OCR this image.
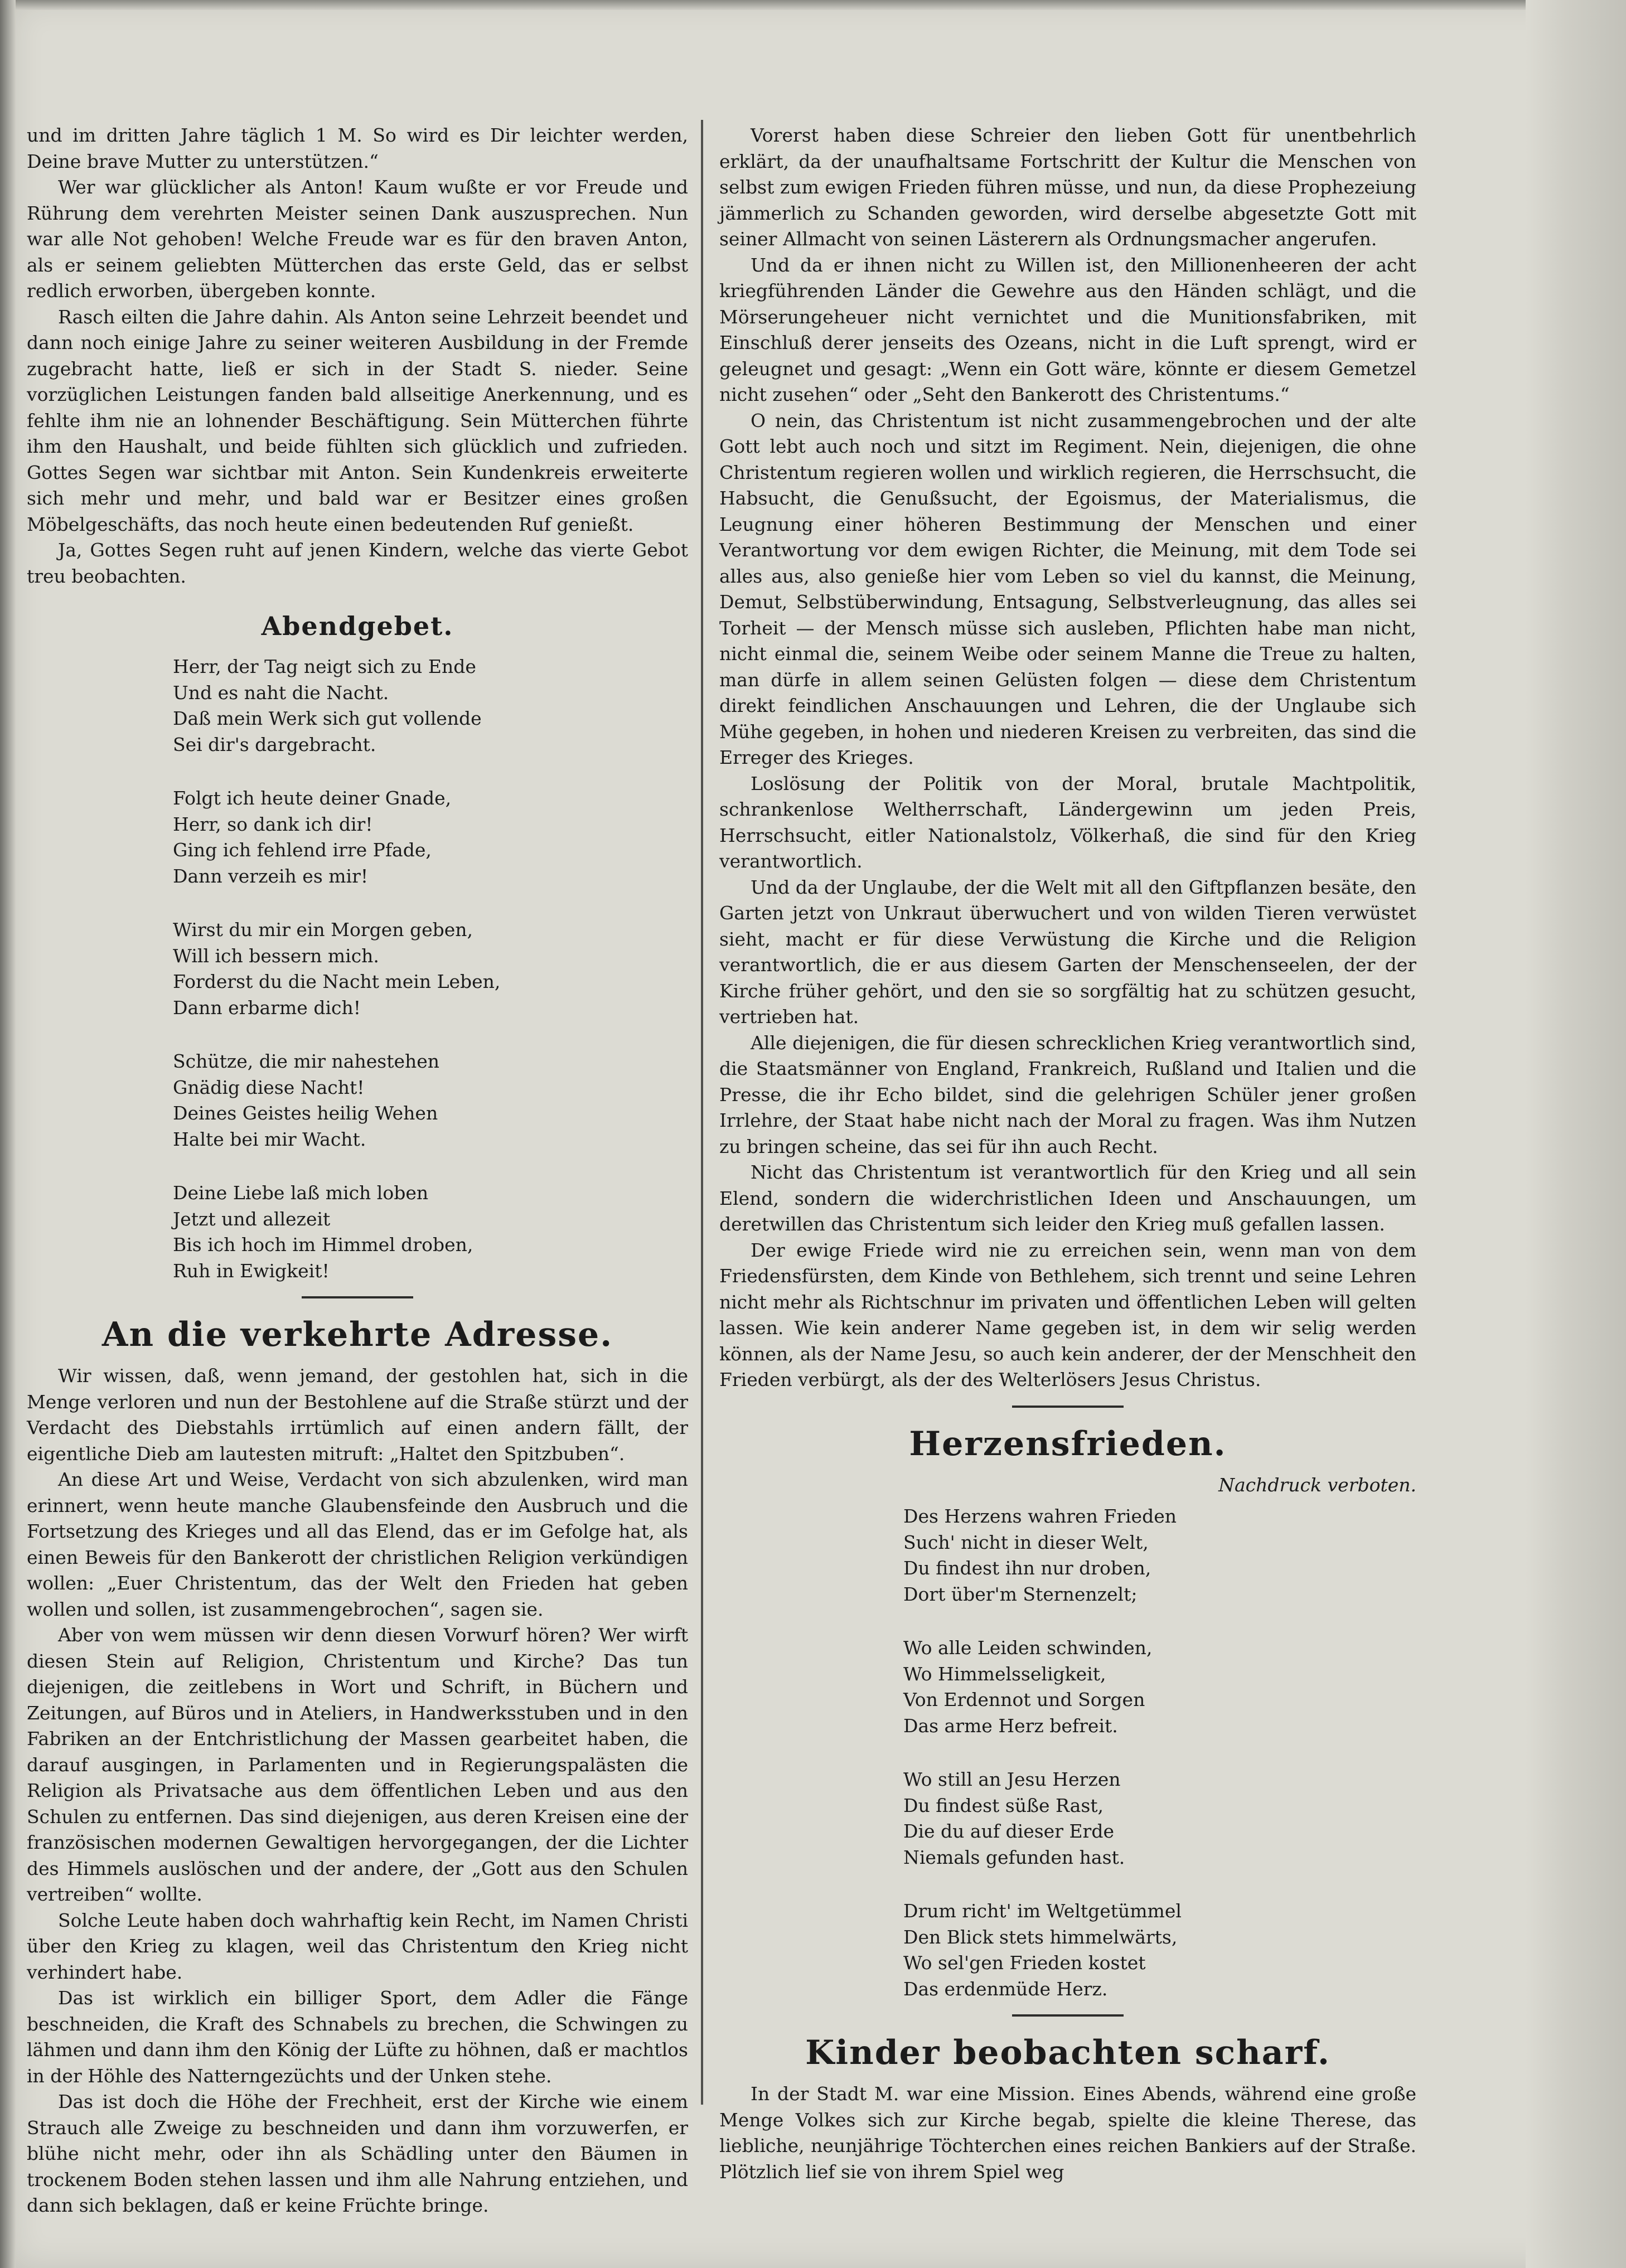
und im dritten Jahre täglich 1 M. So wird es Dir leichter werden, Deine brave Mutter zu unterstützen.“

Wer war glücklicher als Anton! Kaum wußte er vor Freude und Rührung dem verehrten Meister seinen Dank auszusprechen. Nun war alle Not gehoben! Welche Freude war es für den braven Anton, als er seinem geliebten Mütterchen das erste Geld, das er selbst redlich erworben, übergeben konnte.

Rasch eilten die Jahre dahin. Als Anton seine Lehrzeit beendet und dann noch einige Jahre zu seiner weiteren Ausbildung in der Fremde zugebracht hatte, ließ er sich in der Stadt S. nieder. Seine vorzüglichen Leistungen fanden bald allseitige Anerkennung, und es fehlte ihm nie an lohnender Beschäftigung. Sein Mütterchen führte ihm den Haushalt, und beide fühlten sich glücklich und zufrieden. Gottes Segen war sichtbar mit Anton. Sein Kundenkreis erweiterte sich mehr und mehr, und bald war er Besitzer eines großen Möbelgeschäfts, das noch heute einen bedeutenden Ruf genießt.

Ja, Gottes Segen ruht auf jenen Kindern, welche das vierte Gebot treu beobachten.

Abendgebet.
Herr, der Tag neigt sich zu Ende
Und es naht die Nacht.
Daß mein Werk sich gut vollende
Sei dir's dargebracht.
Folgt ich heute deiner Gnade,
Herr, so dank ich dir!
Ging ich fehlend irre Pfade,
Dann verzeih es mir!
Wirst du mir ein Morgen geben,
Will ich bessern mich.
Forderst du die Nacht mein Leben,
Dann erbarme dich!
Schütze, die mir nahestehen
Gnädig diese Nacht!
Deines Geistes heilig Wehen
Halte bei mir Wacht.
Deine Liebe laß mich loben
Jetzt und allezeit
Bis ich hoch im Himmel droben,
Ruh in Ewigkeit!
An die verkehrte Adresse.

Wir wissen, daß, wenn jemand, der gestohlen hat, sich in die Menge verloren und nun der Bestohlene auf die Straße stürzt und der Verdacht des Diebstahls irrtümlich auf einen andern fällt, der eigentliche Dieb am lautesten mitruft: „Haltet den Spitzbuben“.

An diese Art und Weise, Verdacht von sich abzulenken, wird man erinnert, wenn heute manche Glaubensfeinde den Ausbruch und die Fortsetzung des Krieges und all das Elend, das er im Gefolge hat, als einen Beweis für den Bankerott der christlichen Religion verkündigen wollen: „Euer Christentum, das der Welt den Frieden hat geben wollen und sollen, ist zusammengebrochen“, sagen sie.

Aber von wem müssen wir denn diesen Vorwurf hören? Wer wirft diesen Stein auf Religion, Christentum und Kirche? Das tun diejenigen, die zeitlebens in Wort und Schrift, in Büchern und Zeitungen, auf Büros und in Ateliers, in Handwerksstuben und in den Fabriken an der Entchristlichung der Massen gearbeitet haben, die darauf ausgingen, in Parlamenten und in Regierungspalästen die Religion als Privatsache aus dem öffentlichen Leben und aus den Schulen zu entfernen. Das sind diejenigen, aus deren Kreisen eine der französischen modernen Gewaltigen hervorgegangen, der die Lichter des Himmels auslöschen und der andere, der „Gott aus den Schulen vertreiben“ wollte.

Solche Leute haben doch wahrhaftig kein Recht, im Namen Christi über den Krieg zu klagen, weil das Christentum den Krieg nicht verhindert habe.

Das ist wirklich ein billiger Sport, dem Adler die Fänge beschneiden, die Kraft des Schnabels zu brechen, die Schwingen zu lähmen und dann ihm den König der Lüfte zu höhnen, daß er machtlos in der Höhle des Natterngezüchts und der Unken stehe.

Das ist doch die Höhe der Frechheit, erst der Kirche wie einem Strauch alle Zweige zu beschneiden und dann ihm vorzuwerfen, er blühe nicht mehr, oder ihn als Schädling unter den Bäumen in trockenem Boden stehen lassen und ihm alle Nahrung entziehen, und dann sich beklagen, daß er keine Früchte bringe.

Vorerst haben diese Schreier den lieben Gott für unentbehrlich erklärt, da der unaufhaltsame Fortschritt der Kultur die Menschen von selbst zum ewigen Frieden führen müsse, und nun, da diese Prophezeiung jämmerlich zu Schanden geworden, wird derselbe abgesetzte Gott mit seiner Allmacht von seinen Lästerern als Ordnungsmacher angerufen.

Und da er ihnen nicht zu Willen ist, den Millionenheeren der acht kriegführenden Länder die Gewehre aus den Händen schlägt, und die Mörserungeheuer nicht vernichtet und die Munitionsfabriken, mit Einschluß derer jenseits des Ozeans, nicht in die Luft sprengt, wird er geleugnet und gesagt: „Wenn ein Gott wäre, könnte er diesem Gemetzel nicht zusehen“ oder „Seht den Bankerott des Christentums.“

O nein, das Christentum ist nicht zusammengebrochen und der alte Gott lebt auch noch und sitzt im Regiment. Nein, diejenigen, die ohne Christentum regieren wollen und wirklich regieren, die Herrschsucht, die Habsucht, die Genußsucht, der Egoismus, der Materialismus, die Leugnung einer höheren Bestimmung der Menschen und einer Verantwortung vor dem ewigen Richter, die Meinung, mit dem Tode sei alles aus, also genieße hier vom Leben so viel du kannst, die Meinung, Demut, Selbstüberwindung, Entsagung, Selbstverleugnung, das alles sei Torheit — der Mensch müsse sich ausleben, Pflichten habe man nicht, nicht einmal die, seinem Weibe oder seinem Manne die Treue zu halten, man dürfe in allem seinen Gelüsten folgen — diese dem Christentum direkt feindlichen Anschauungen und Lehren, die der Unglaube sich Mühe gegeben, in hohen und niederen Kreisen zu verbreiten, das sind die Erreger des Krieges.

Loslösung der Politik von der Moral, brutale Machtpolitik, schrankenlose Weltherrschaft, Ländergewinn um jeden Preis, Herrschsucht, eitler Nationalstolz, Völkerhaß, die sind für den Krieg verantwortlich.

Und da der Unglaube, der die Welt mit all den Giftpflanzen besäte, den Garten jetzt von Unkraut überwuchert und von wilden Tieren verwüstet sieht, macht er für diese Verwüstung die Kirche und die Religion verantwortlich, die er aus diesem Garten der Menschenseelen, der der Kirche früher gehört, und den sie so sorgfältig hat zu schützen gesucht, vertrieben hat.

Alle diejenigen, die für diesen schrecklichen Krieg verantwortlich sind, die Staatsmänner von England, Frankreich, Rußland und Italien und die Presse, die ihr Echo bildet, sind die gelehrigen Schüler jener großen Irrlehre, der Staat habe nicht nach der Moral zu fragen. Was ihm Nutzen zu bringen scheine, das sei für ihn auch Recht.

Nicht das Christentum ist verantwortlich für den Krieg und all sein Elend, sondern die widerchristlichen Ideen und Anschauungen, um deretwillen das Christentum sich leider den Krieg muß gefallen lassen.

Der ewige Friede wird nie zu erreichen sein, wenn man von dem Friedensfürsten, dem Kinde von Bethlehem, sich trennt und seine Lehren nicht mehr als Richtschnur im privaten und öffentlichen Leben will gelten lassen. Wie kein anderer Name gegeben ist, in dem wir selig werden können, als der Name Jesu, so auch kein anderer, der der Menschheit den Frieden verbürgt, als der des Welterlösers Jesus Christus.

Herzensfrieden.
Nachdruck verboten.
Des Herzens wahren Frieden
Such' nicht in dieser Welt,
Du findest ihn nur droben,
Dort über'm Sternenzelt;
Wo alle Leiden schwinden,
Wo Himmelsseligkeit,
Von Erdennot und Sorgen
Das arme Herz befreit.
Wo still an Jesu Herzen
Du findest süße Rast,
Die du auf dieser Erde
Niemals gefunden hast.
Drum richt' im Weltgetümmel
Den Blick stets himmelwärts,
Wo sel'gen Frieden kostet
Das erdenmüde Herz.
Kinder beobachten scharf.

In der Stadt M. war eine Mission. Eines Abends, während eine große Menge Volkes sich zur Kirche begab, spielte die kleine Therese, das liebliche, neunjährige Töchterchen eines reichen Bankiers auf der Straße. Plötzlich lief sie von ihrem Spiel weg
